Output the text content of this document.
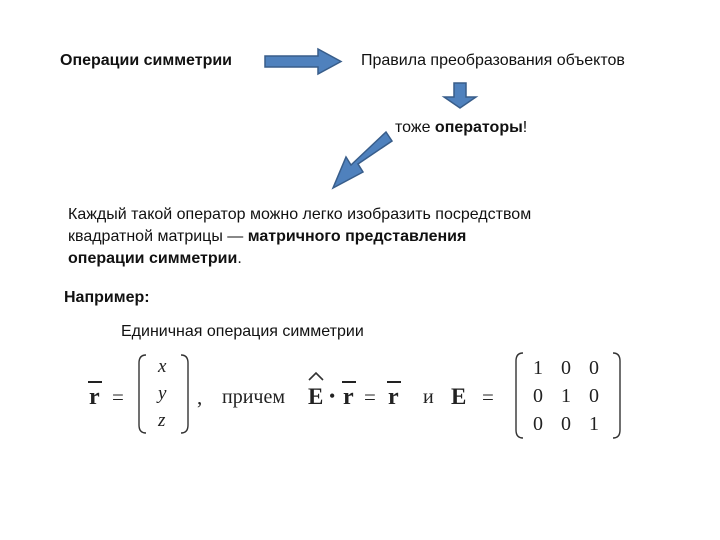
Операции симметрии	Правила преобразования объектов
тоже операторы!
Каждый такой оператор можно легко изобразить посредством
квадратной матрицы — матричного представления
операции симметрии.
Например:
Единичная операция симметрии
r =
x
y
z
, причем E • r = r и E =
1 0 0
0 1 0
0 0 1
